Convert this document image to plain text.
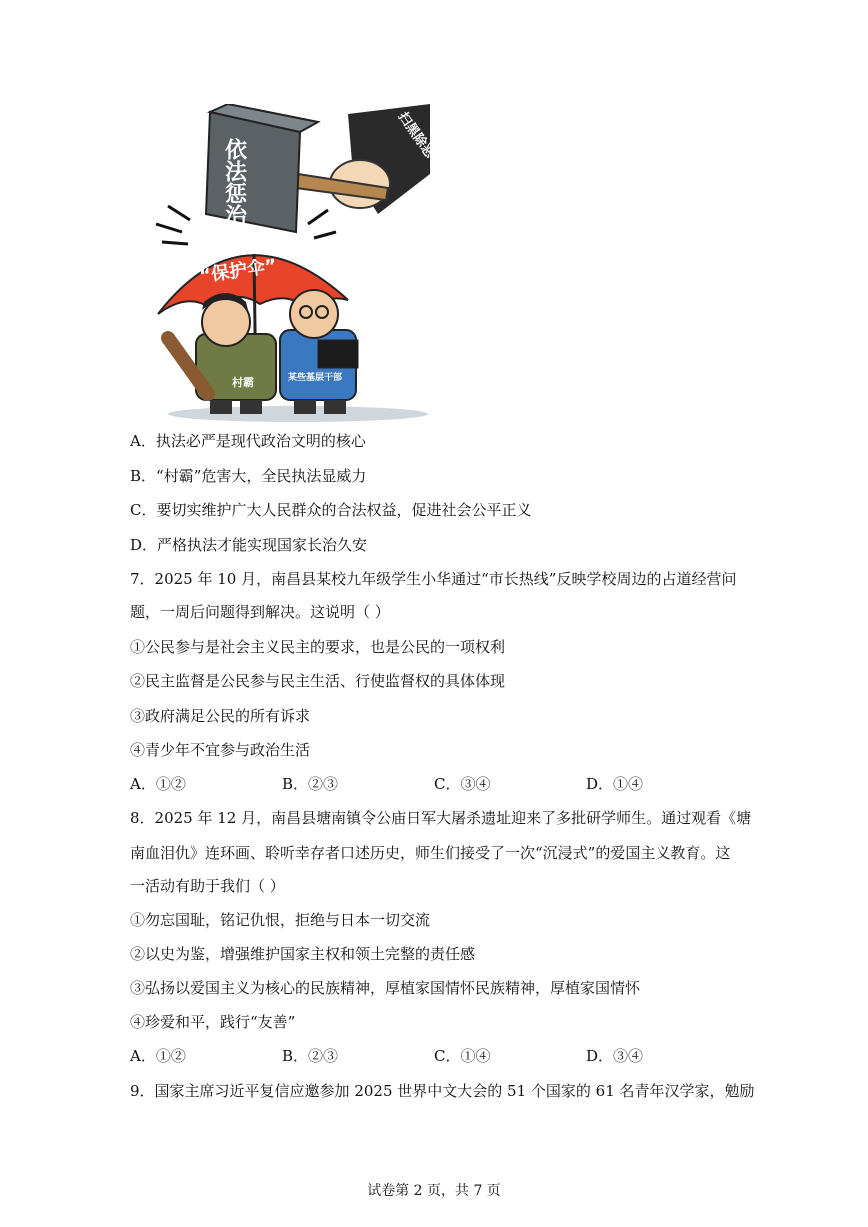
扫黑除恶
依法惩治
“保护伞”
村霸	某些基层干部
A．执法必严是现代政治文明的核心
B．“村霸”危害大，全民执法显威力
C．要切实维护广大人民群众的合法权益，促进社会公平正义
D．严格执法才能实现国家长治久安
7．2025 年 10 月，南昌县某校九年级学生小华通过“市长热线”反映学校周边的占道经营问
题，一周后问题得到解决。这说明（ ）
①公民参与是社会主义民主的要求，也是公民的一项权利
②民主监督是公民参与民主生活、行使监督权的具体体现
③政府满足公民的所有诉求
④青少年不宜参与政治生活
A．①②	B．②③	C．③④	D．①④
8．2025 年 12 月，南昌县塘南镇令公庙日军大屠杀遗址迎来了多批研学师生。通过观看《塘
南血泪仇》连环画、聆听幸存者口述历史，师生们接受了一次“沉浸式”的爱国主义教育。这
一活动有助于我们（ ）
①勿忘国耻，铭记仇恨，拒绝与日本一切交流
②以史为鉴，增强维护国家主权和领土完整的责任感
③弘扬以爱国主义为核心的民族精神，厚植家国情怀民族精神，厚植家国情怀
④珍爱和平，践行“友善”
A．①②	B．②③	C．①④	D．③④
9．国家主席习近平复信应邀参加 2025 世界中文大会的 51 个国家的 61 名青年汉学家，勉励
试卷第 2 页，共 7 页
